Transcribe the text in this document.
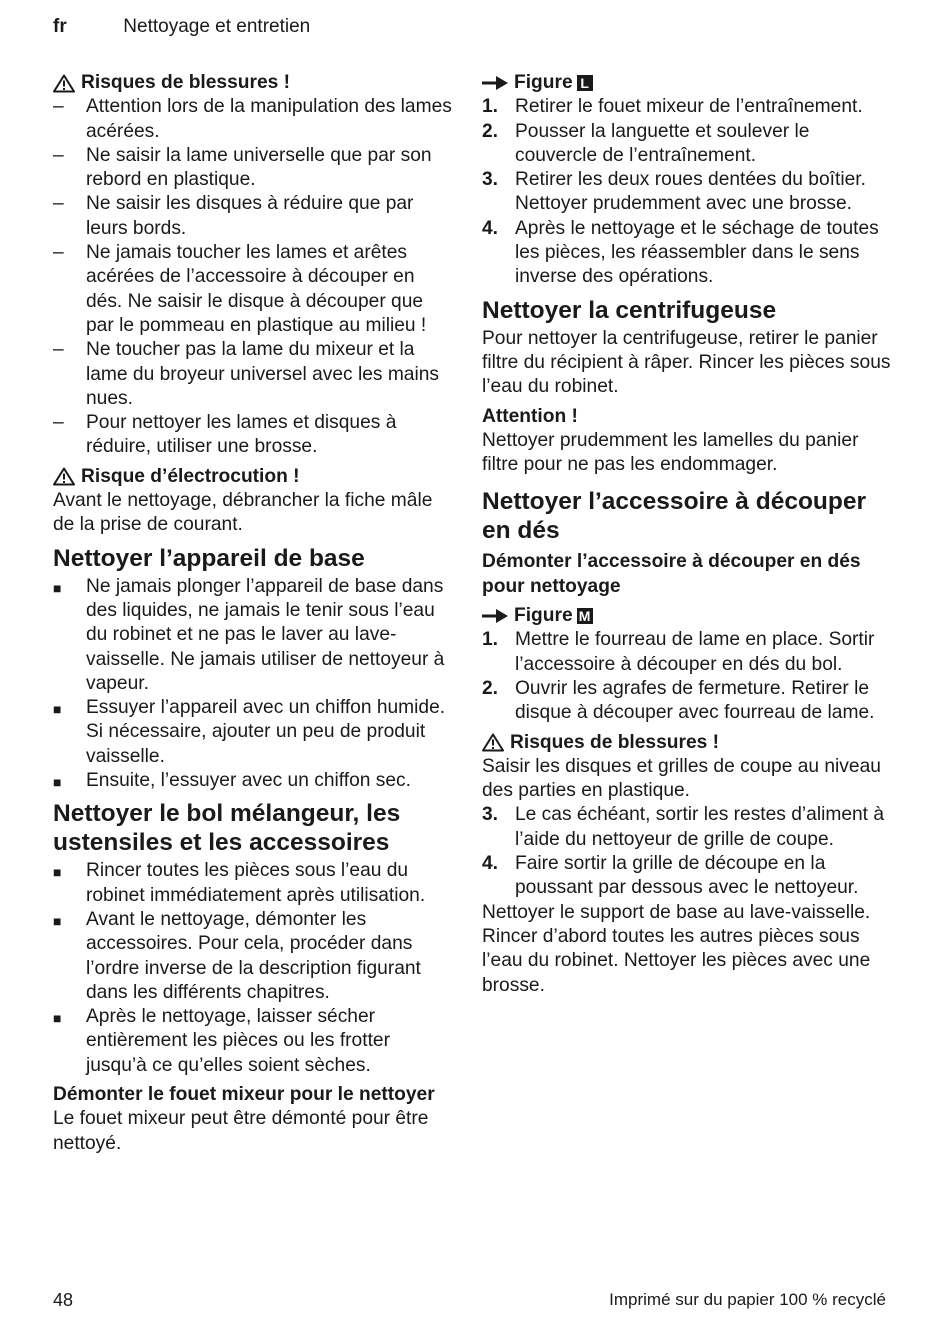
fr	Nettoyage et entretien
Risques de blessures !
– Attention lors de la manipulation des lames acérées.
– Ne saisir la lame universelle que par son rebord en plastique.
– Ne saisir les disques à réduire que par leurs bords.
– Ne jamais toucher les lames et arêtes acérées de l’accessoire à découper en dés. Ne saisir le disque à découper que par le pommeau en plastique au milieu !
– Ne toucher pas la lame du mixeur et la lame du broyeur universel avec les mains nues.
– Pour nettoyer les lames et disques à réduire, utiliser une brosse.
Risque d’électrocution !

Avant le nettoyage, débrancher la fiche mâle de la prise de courant.

Nettoyer l’appareil de base
■ Ne jamais plonger l’appareil de base dans des liquides, ne jamais le tenir sous l’eau du robinet et ne pas le laver au lave-vaisselle. Ne jamais utiliser de nettoyeur à vapeur.
■ Essuyer l’appareil avec un chiffon humide. Si nécessaire, ajouter un peu de produit vaisselle.
■ Ensuite, l’essuyer avec un chiffon sec.
Nettoyer le bol mélangeur, les ustensiles et les accessoires
■ Rincer toutes les pièces sous l’eau du robinet immédiatement après utilisation.
■ Avant le nettoyage, démonter les accessoires. Pour cela, procéder dans l’ordre inverse de la description figurant dans les différents chapitres.
■ Après le nettoyage, laisser sécher entièrement les pièces ou les frotter jusqu’à ce qu’elles soient sèches.

Démonter le fouet mixeur pour le nettoyer

Le fouet mixeur peut être démonté pour être nettoyé.

Figure L
1. Retirer le fouet mixeur de l’entraînement.
2. Pousser la languette et soulever le couvercle de l’entraînement.
3. Retirer les deux roues dentées du boîtier. Nettoyer prudemment avec une brosse.
4. Après le nettoyage et le séchage de toutes les pièces, les réassembler dans le sens inverse des opérations.
Nettoyer la centrifugeuse

Pour nettoyer la centrifugeuse, retirer le panier filtre du récipient à râper. Rincer les pièces sous l’eau du robinet.

Attention !

Nettoyer prudemment les lamelles du panier filtre pour ne pas les endommager.

Nettoyer l’accessoire à découper en dés

Démonter l’accessoire à découper en dés pour nettoyage

Figure M
1. Mettre le fourreau de lame en place. Sortir l’accessoire à découper en dés du bol.
2. Ouvrir les agrafes de fermeture. Retirer le disque à découper avec fourreau de lame.
Risques de blessures !

Saisir les disques et grilles de coupe au niveau des parties en plastique.

3. Le cas échéant, sortir les restes d’aliment à l’aide du nettoyeur de grille de coupe.
4. Faire sortir la grille de découpe en la poussant par dessous avec le nettoyeur.

Nettoyer le support de base au lave-vaisselle.

Rincer d’abord toutes les autres pièces sous l’eau du robinet. Nettoyer les pièces avec une brosse.

48	Imprimé sur du papier 100 % recyclé
